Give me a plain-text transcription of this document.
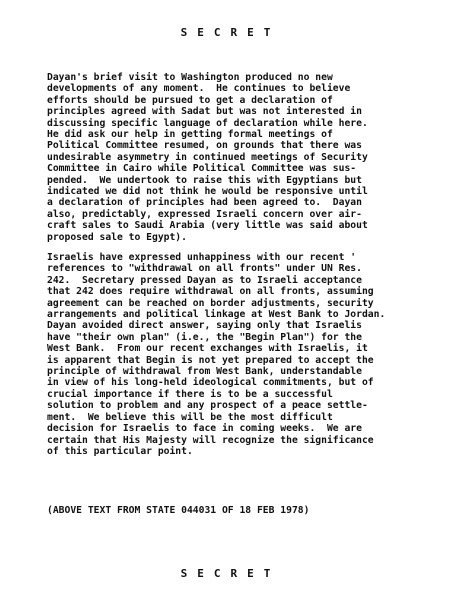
SECRET

Dayan's brief visit to Washington produced no new
developments of any moment.  He continues to believe
efforts should be pursued to get a declaration of
principles agreed with Sadat but was not interested in
discussing specific language of declaration while here.
He did ask our help in getting formal meetings of
Political Committee resumed, on grounds that there was
undesirable asymmetry in continued meetings of Security
Committee in Cairo while Political Committee was sus-
pended.  We undertook to raise this with Egyptians but
indicated we did not think he would be responsive until
a declaration of principles had been agreed to.  Dayan
also, predictably, expressed Israeli concern over air-
craft sales to Saudi Arabia (very little was said about
proposed sale to Egypt).

Israelis have expressed unhappiness with our recent '
references to "withdrawal on all fronts" under UN Res.
242.  Secretary pressed Dayan as to Israeli acceptance
that 242 does require withdrawal on all fronts, assuming
agreement can be reached on border adjustments, security
arrangements and political linkage at West Bank to Jordan.
Dayan avoided direct answer, saying only that Israelis
have "their own plan" (i.e., the "Begin Plan") for the
West Bank.  From our recent exchanges with Israelis, it
is apparent that Begin is not yet prepared to accept the
principle of withdrawal from West Bank, understandable
in view of his long-held ideological commitments, but of
crucial importance if there is to be a successful
solution to problem and any prospect of a peace settle-
ment.  We believe this will be the most difficult
decision for Israelis to face in coming weeks.  We are
certain that His Majesty will recognize the significance
of this particular point.

(ABOVE TEXT FROM STATE 044031 OF 18 FEB 1978)

SECRET
